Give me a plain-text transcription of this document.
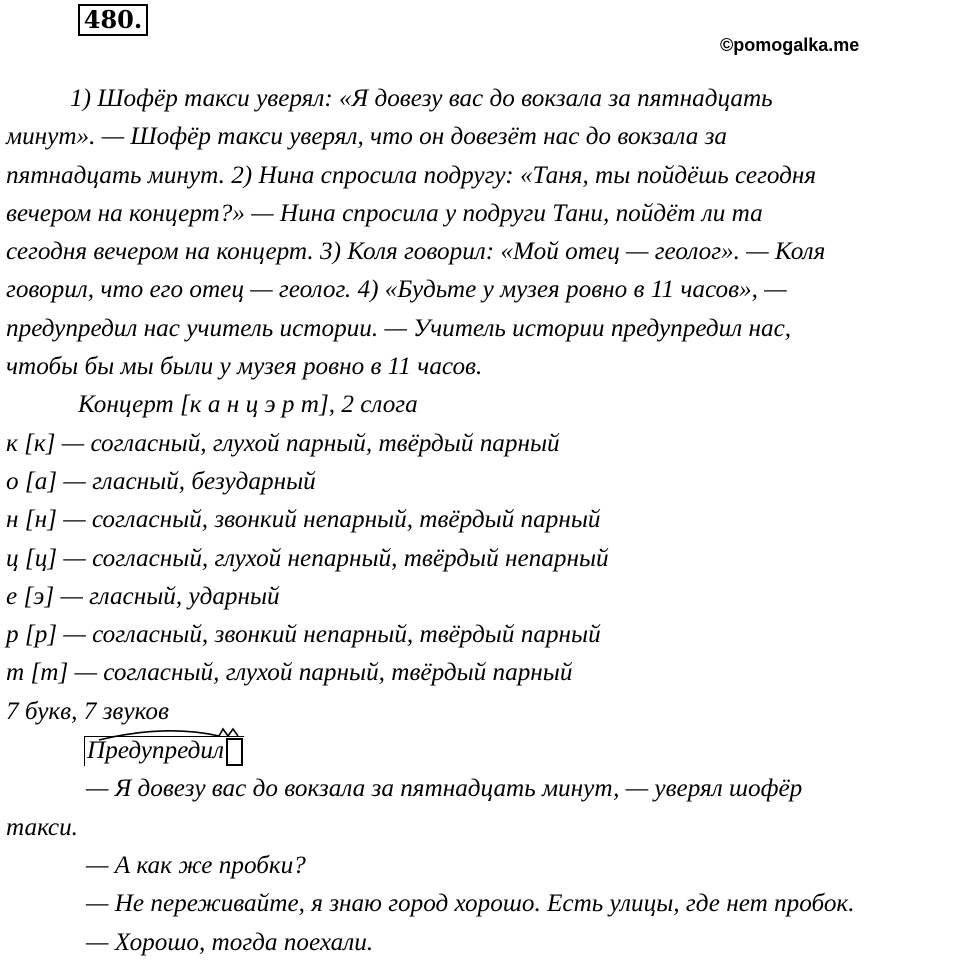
480.
©pomogalka.me

1) Шофёр такси уверял: «Я довезу вас до вокзала за пятнадцать
минут». — Шофёр такси уверял, что он довезёт нас до вокзала за
пятнадцать минут. 2) Нина спросила подругу: «Таня, ты пойдёшь сегодня
вечером на концерт?» — Нина спросила у подруги Тани, пойдёт ли та
сегодня вечером на концерт. 3) Коля говорил: «Мой отец — геолог». — Коля
говорил, что его отец — геолог. 4) «Будьте у музея ровно в 11 часов», —
предупредил нас учитель истории. — Учитель истории предупредил нас,
чтобы бы мы были у музея ровно в 11 часов.

Концерт [к а н ц э р т], 2 слога

к [к] — согласный, глухой парный, твёрдый парный

о [а] — гласный, безударный

н [н] — согласный, звонкий непарный, твёрдый парный

ц [ц] — согласный, глухой непарный, твёрдый непарный

е [э] — гласный, ударный

р [р] — согласный, звонкий непарный, твёрдый парный

т [т] — согласный, глухой парный, твёрдый парный

7 букв, 7 звуков

Предупредил

— Я довезу вас до вокзала за пятнадцать минут, — уверял шофёр

такси.

— А как же пробки?

— Не переживайте, я знаю город хорошо. Есть улицы, где нет пробок.

— Хорошо, тогда поехали.
